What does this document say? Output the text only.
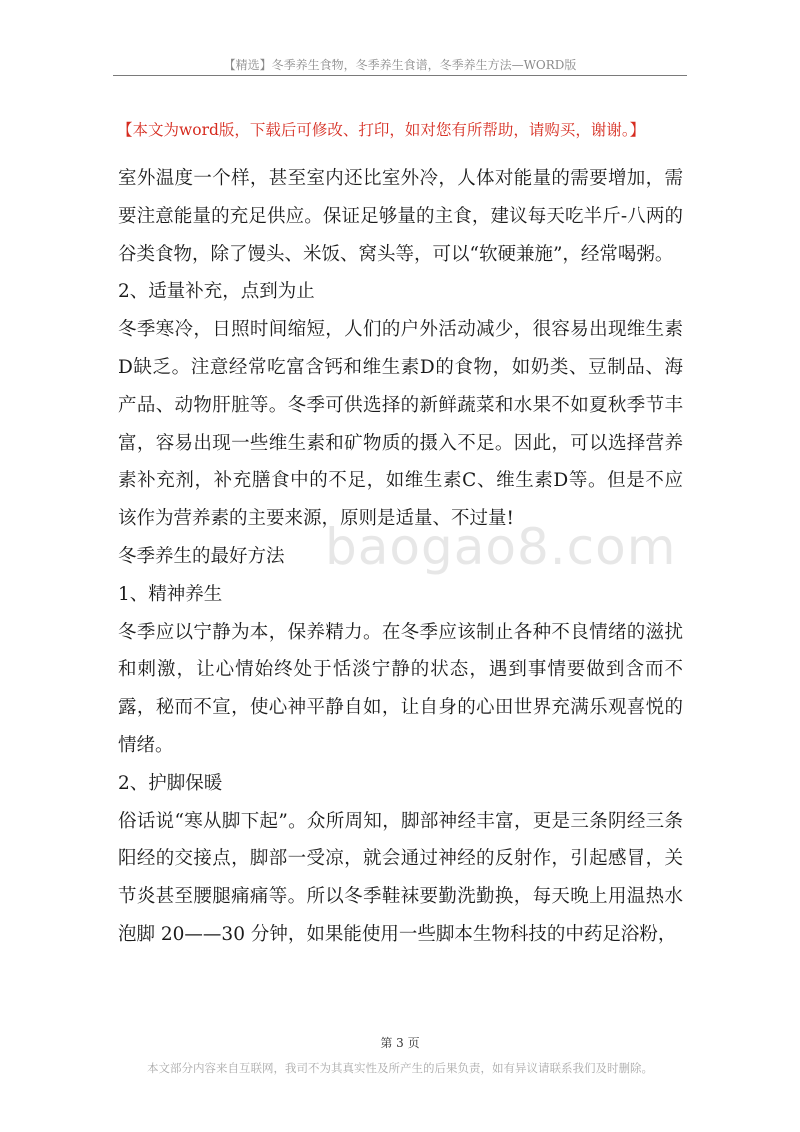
【精选】冬季养生食物，冬季养生食谱，冬季养生方法—WORD版
【本文为word版，下载后可修改、打印，如对您有所帮助，请购买，谢谢。】
baogao8.com

室外温度一个样，甚至室内还比室外冷，人体对能量的需要增加，需要注意能量的充足供应。保证足够量的主食，建议每天吃半斤-八两的谷类食物，除了馒头、米饭、窝头等，可以“软硬兼施”，经常喝粥。

2、适量补充，点到为止

冬季寒冷，日照时间缩短，人们的户外活动减少，很容易出现维生素D缺乏。注意经常吃富含钙和维生素D的食物，如奶类、豆制品、海产品、动物肝脏等。冬季可供选择的新鲜蔬菜和水果不如夏秋季节丰富，容易出现一些维生素和矿物质的摄入不足。因此，可以选择营养素补充剂，补充膳食中的不足，如维生素C、维生素D等。但是不应该作为营养素的主要来源，原则是适量、不过量!

冬季养生的最好方法

1、精神养生

冬季应以宁静为本，保养精力。在冬季应该制止各种不良情绪的滋扰和刺激，让心情始终处于恬淡宁静的状态，遇到事情要做到含而不露，秘而不宣，使心神平静自如，让自身的心田世界充满乐观喜悦的情绪。

2、护脚保暖

俗话说“寒从脚下起”。众所周知，脚部神经丰富，更是三条阴经三条阳经的交接点，脚部一受凉，就会通过神经的反射作，引起感冒，关节炎甚至腰腿痛痛等。所以冬季鞋袜要勤洗勤换，每天晚上用温热水泡脚 20——30 分钟，如果能使用一些脚本生物科技的中药足浴粉，

第 3 页
本文部分内容来自互联网，我司不为其真实性及所产生的后果负责，如有异议请联系我们及时删除。
